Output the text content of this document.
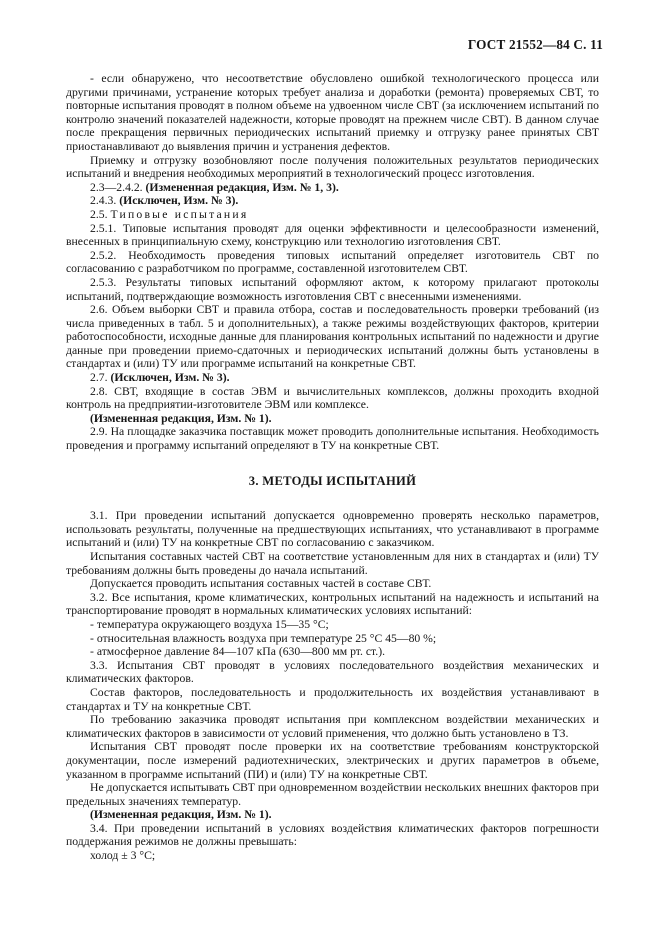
ГОСТ 21552—84 С. 11

- если обнаружено, что несоответствие обусловлено ошибкой технологического процесса или другими причинами, устранение которых требует анализа и доработки (ремонта) проверяемых СВТ, то повторные испытания проводят в полном объеме на удвоенном числе СВТ (за исключением испытаний по контролю значений показателей надежности, которые проводят на прежнем числе СВТ). В данном случае после прекращения первичных периодических испытаний приемку и отгрузку ранее принятых СВТ приостанавливают до выявления причин и устранения дефектов.

Приемку и отгрузку возобновляют после получения положительных результатов периодических испытаний и внедрения необходимых мероприятий в технологический процесс изготовления.

2.3—2.4.2. (Измененная редакция, Изм. № 1, 3).

2.4.3. (Исключен, Изм. № 3).

2.5. Типовые испытания

2.5.1. Типовые испытания проводят для оценки эффективности и целесообразности изменений, внесенных в принципиальную схему, конструкцию или технологию изготовления СВТ.

2.5.2. Необходимость проведения типовых испытаний определяет изготовитель СВТ по согласованию с разработчиком по программе, составленной изготовителем СВТ.

2.5.3. Результаты типовых испытаний оформляют актом, к которому прилагают протоколы испытаний, подтверждающие возможность изготовления СВТ с внесенными изменениями.

2.6. Объем выборки СВТ и правила отбора, состав и последовательность проверки требований (из числа приведенных в табл. 5 и дополнительных), а также режимы воздействующих факторов, критерии работоспособности, исходные данные для планирования контрольных испытаний по надежности и другие данные при проведении приемо-сдаточных и периодических испытаний должны быть установлены в стандартах и (или) ТУ или программе испытаний на конкретные СВТ.

2.7. (Исключен, Изм. № 3).

2.8. СВТ, входящие в состав ЭВМ и вычислительных комплексов, должны проходить входной контроль на предприятии-изготовителе ЭВМ или комплексе.

(Измененная редакция, Изм. № 1).

2.9. На площадке заказчика поставщик может проводить дополнительные испытания. Необходимость проведения и программу испытаний определяют в ТУ на конкретные СВТ.

3. МЕТОДЫ ИСПЫТАНИЙ

3.1. При проведении испытаний допускается одновременно проверять несколько параметров, использовать результаты, полученные на предшествующих испытаниях, что устанавливают в программе испытаний и (или) ТУ на конкретные СВТ по согласованию с заказчиком.

Испытания составных частей СВТ на соответствие установленным для них в стандартах и (или) ТУ требованиям должны быть проведены до начала испытаний.

Допускается проводить испытания составных частей в составе СВТ.

3.2. Все испытания, кроме климатических, контрольных испытаний на надежность и испытаний на транспортирование проводят в нормальных климатических условиях испытаний:

- температура окружающего воздуха 15—35 °С;

- относительная влажность воздуха при температуре 25 °С 45—80 %;

- атмосферное давление 84—107 кПа (630—800 мм рт. ст.).

3.3. Испытания СВТ проводят в условиях последовательного воздействия механических и климатических факторов.

Состав факторов, последовательность и продолжительность их воздействия устанавливают в стандартах и ТУ на конкретные СВТ.

По требованию заказчика проводят испытания при комплексном воздействии механических и климатических факторов в зависимости от условий применения, что должно быть установлено в ТЗ.

Испытания СВТ проводят после проверки их на соответствие требованиям конструкторской документации, после измерений радиотехнических, электрических и других параметров в объеме, указанном в программе испытаний (ПИ) и (или) ТУ на конкретные СВТ.

Не допускается испытывать СВТ при одновременном воздействии нескольких внешних факторов при предельных значениях температур.

(Измененная редакция, Изм. № 1).

3.4. При проведении испытаний в условиях воздействия климатических факторов погрешности поддержания режимов не должны превышать:

холод ± 3 °С;
